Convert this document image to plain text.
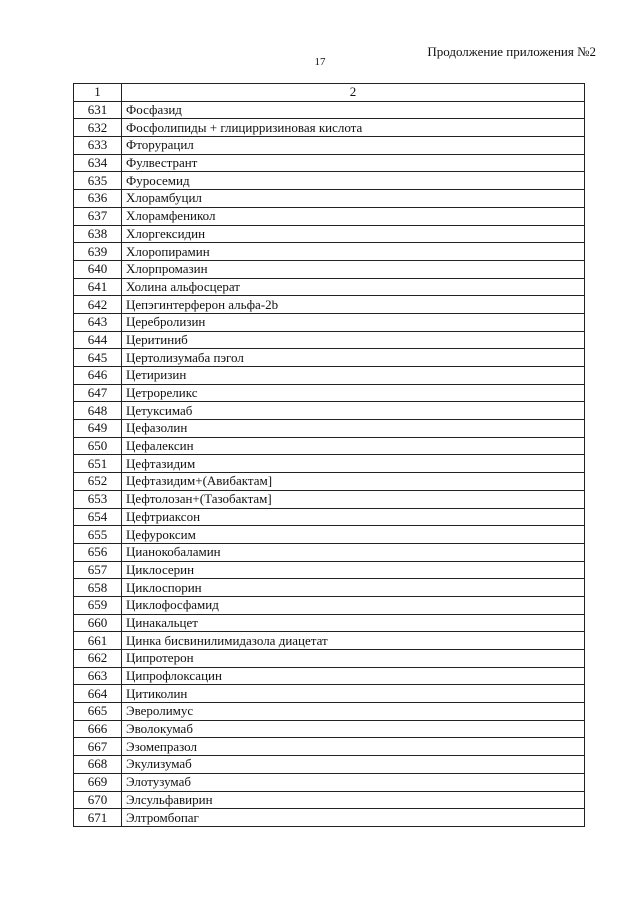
Продолжение приложения №2
17
1	2
631	Фосфазид
632	Фосфолипиды + глицирризиновая кислота
633	Фторурацил
634	Фулвестрант
635	Фуросемид
636	Хлорамбуцил
637	Хлорамфеникол
638	Хлоргексидин
639	Хлоропирамин
640	Хлорпромазин
641	Холина альфосцерат
642	Цепэгинтерферон альфа-2b
643	Церебролизин
644	Церитиниб
645	Цертолизумаба пэгол
646	Цетиризин
647	Цетрореликс
648	Цетуксимаб
649	Цефазолин
650	Цефалексин
651	Цефтазидим
652	Цефтазидим+(Авибактам]
653	Цефтолозан+(Тазобактам]
654	Цефтриаксон
655	Цефуроксим
656	Цианокобаламин
657	Циклосерин
658	Циклоспорин
659	Циклофосфамид
660	Цинакальцет
661	Цинка бисвинилимидазола диацетат
662	Ципротерон
663	Ципрофлоксацин
664	Цитиколин
665	Эверолимус
666	Эволокумаб
667	Эзомепразол
668	Экулизумаб
669	Элотузумаб
670	Элсульфавирин
671	Элтромбопаг
